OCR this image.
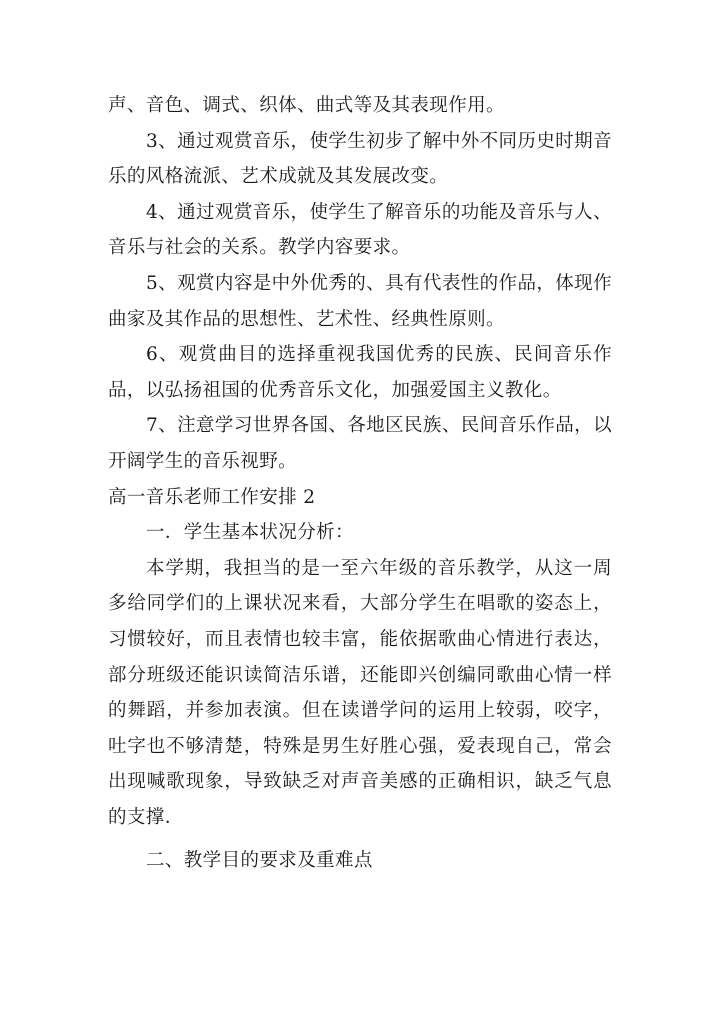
声、音色、调式、织体、曲式等及其表现作用。

3、通过观赏音乐，使学生初步了解中外不同历史时期音乐的风格流派、艺术成就及其发展改变。

4、通过观赏音乐，使学生了解音乐的功能及音乐与人、音乐与社会的关系。教学内容要求。

5、观赏内容是中外优秀的、具有代表性的作品，体现作曲家及其作品的思想性、艺术性、经典性原则。

6、观赏曲目的选择重视我国优秀的民族、民间音乐作品，以弘扬祖国的优秀音乐文化，加强爱国主义教化。

7、注意学习世界各国、各地区民族、民间音乐作品，以开阔学生的音乐视野。

高一音乐老师工作安排 2

一．学生基本状况分析：

本学期，我担当的是一至六年级的音乐教学，从这一周多给同学们的上课状况来看，大部分学生在唱歌的姿态上，习惯较好，而且表情也较丰富，能依据歌曲心情进行表达，部分班级还能识读简洁乐谱，还能即兴创编同歌曲心情一样的舞蹈，并参加表演。但在读谱学问的运用上较弱，咬字，吐字也不够清楚，特殊是男生好胜心强，爱表现自己，常会出现喊歌现象，导致缺乏对声音美感的正确相识，缺乏气息的支撑．

二、教学目的要求及重难点
